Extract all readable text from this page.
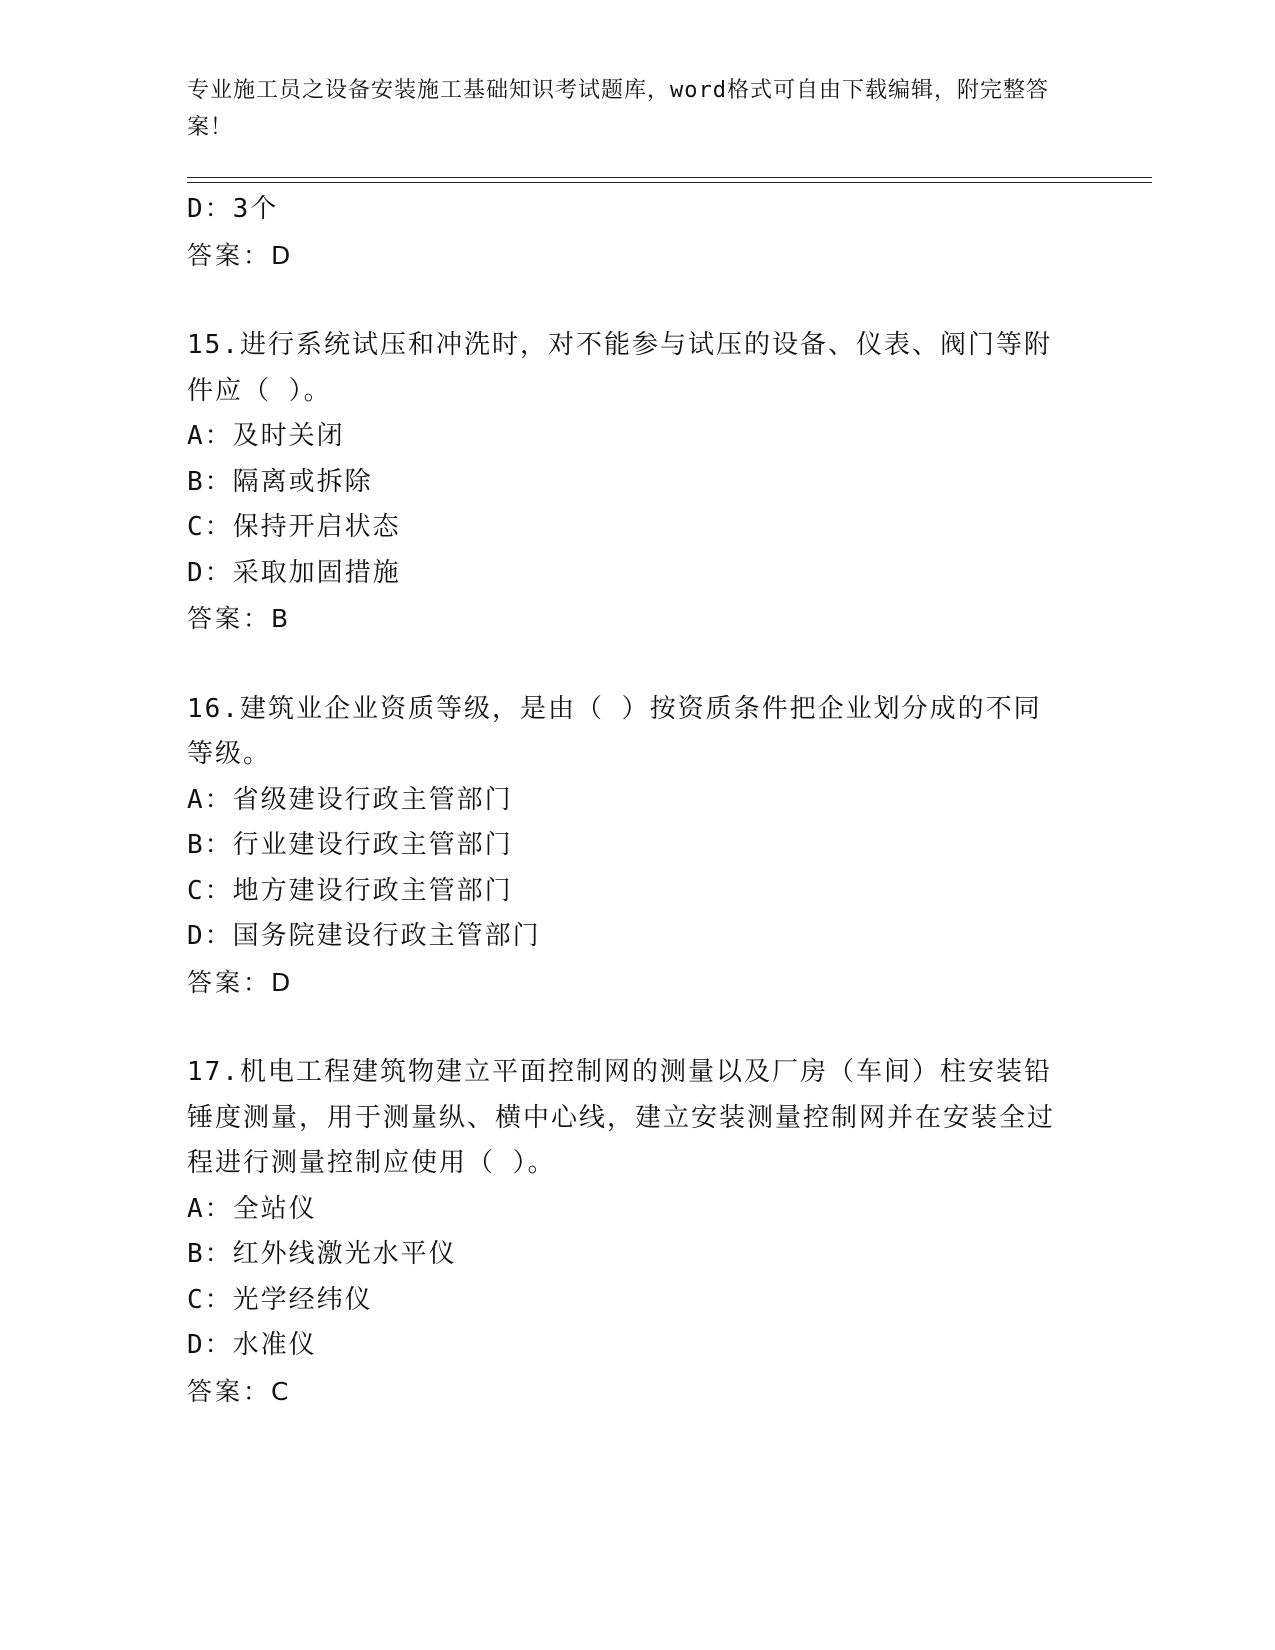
专业施工员之设备安装施工基础知识考试题库，word格式可自由下载编辑，附完整答案！
D：3个
答案：D
15.进行系统试压和冲洗时，对不能参与试压的设备、仪表、阀门等附件应（ ）。
A：及时关闭
B：隔离或拆除
C：保持开启状态
D：采取加固措施
答案：B
16.建筑业企业资质等级，是由（ ）按资质条件把企业划分成的不同等级。
A：省级建设行政主管部门
B：行业建设行政主管部门
C：地方建设行政主管部门
D：国务院建设行政主管部门
答案：D
17.机电工程建筑物建立平面控制网的测量以及厂房（车间）柱安装铅锤度测量，用于测量纵、横中心线，建立安装测量控制网并在安装全过程进行测量控制应使用（ ）。
A：全站仪
B：红外线激光水平仪
C：光学经纬仪
D：水准仪
答案：C
